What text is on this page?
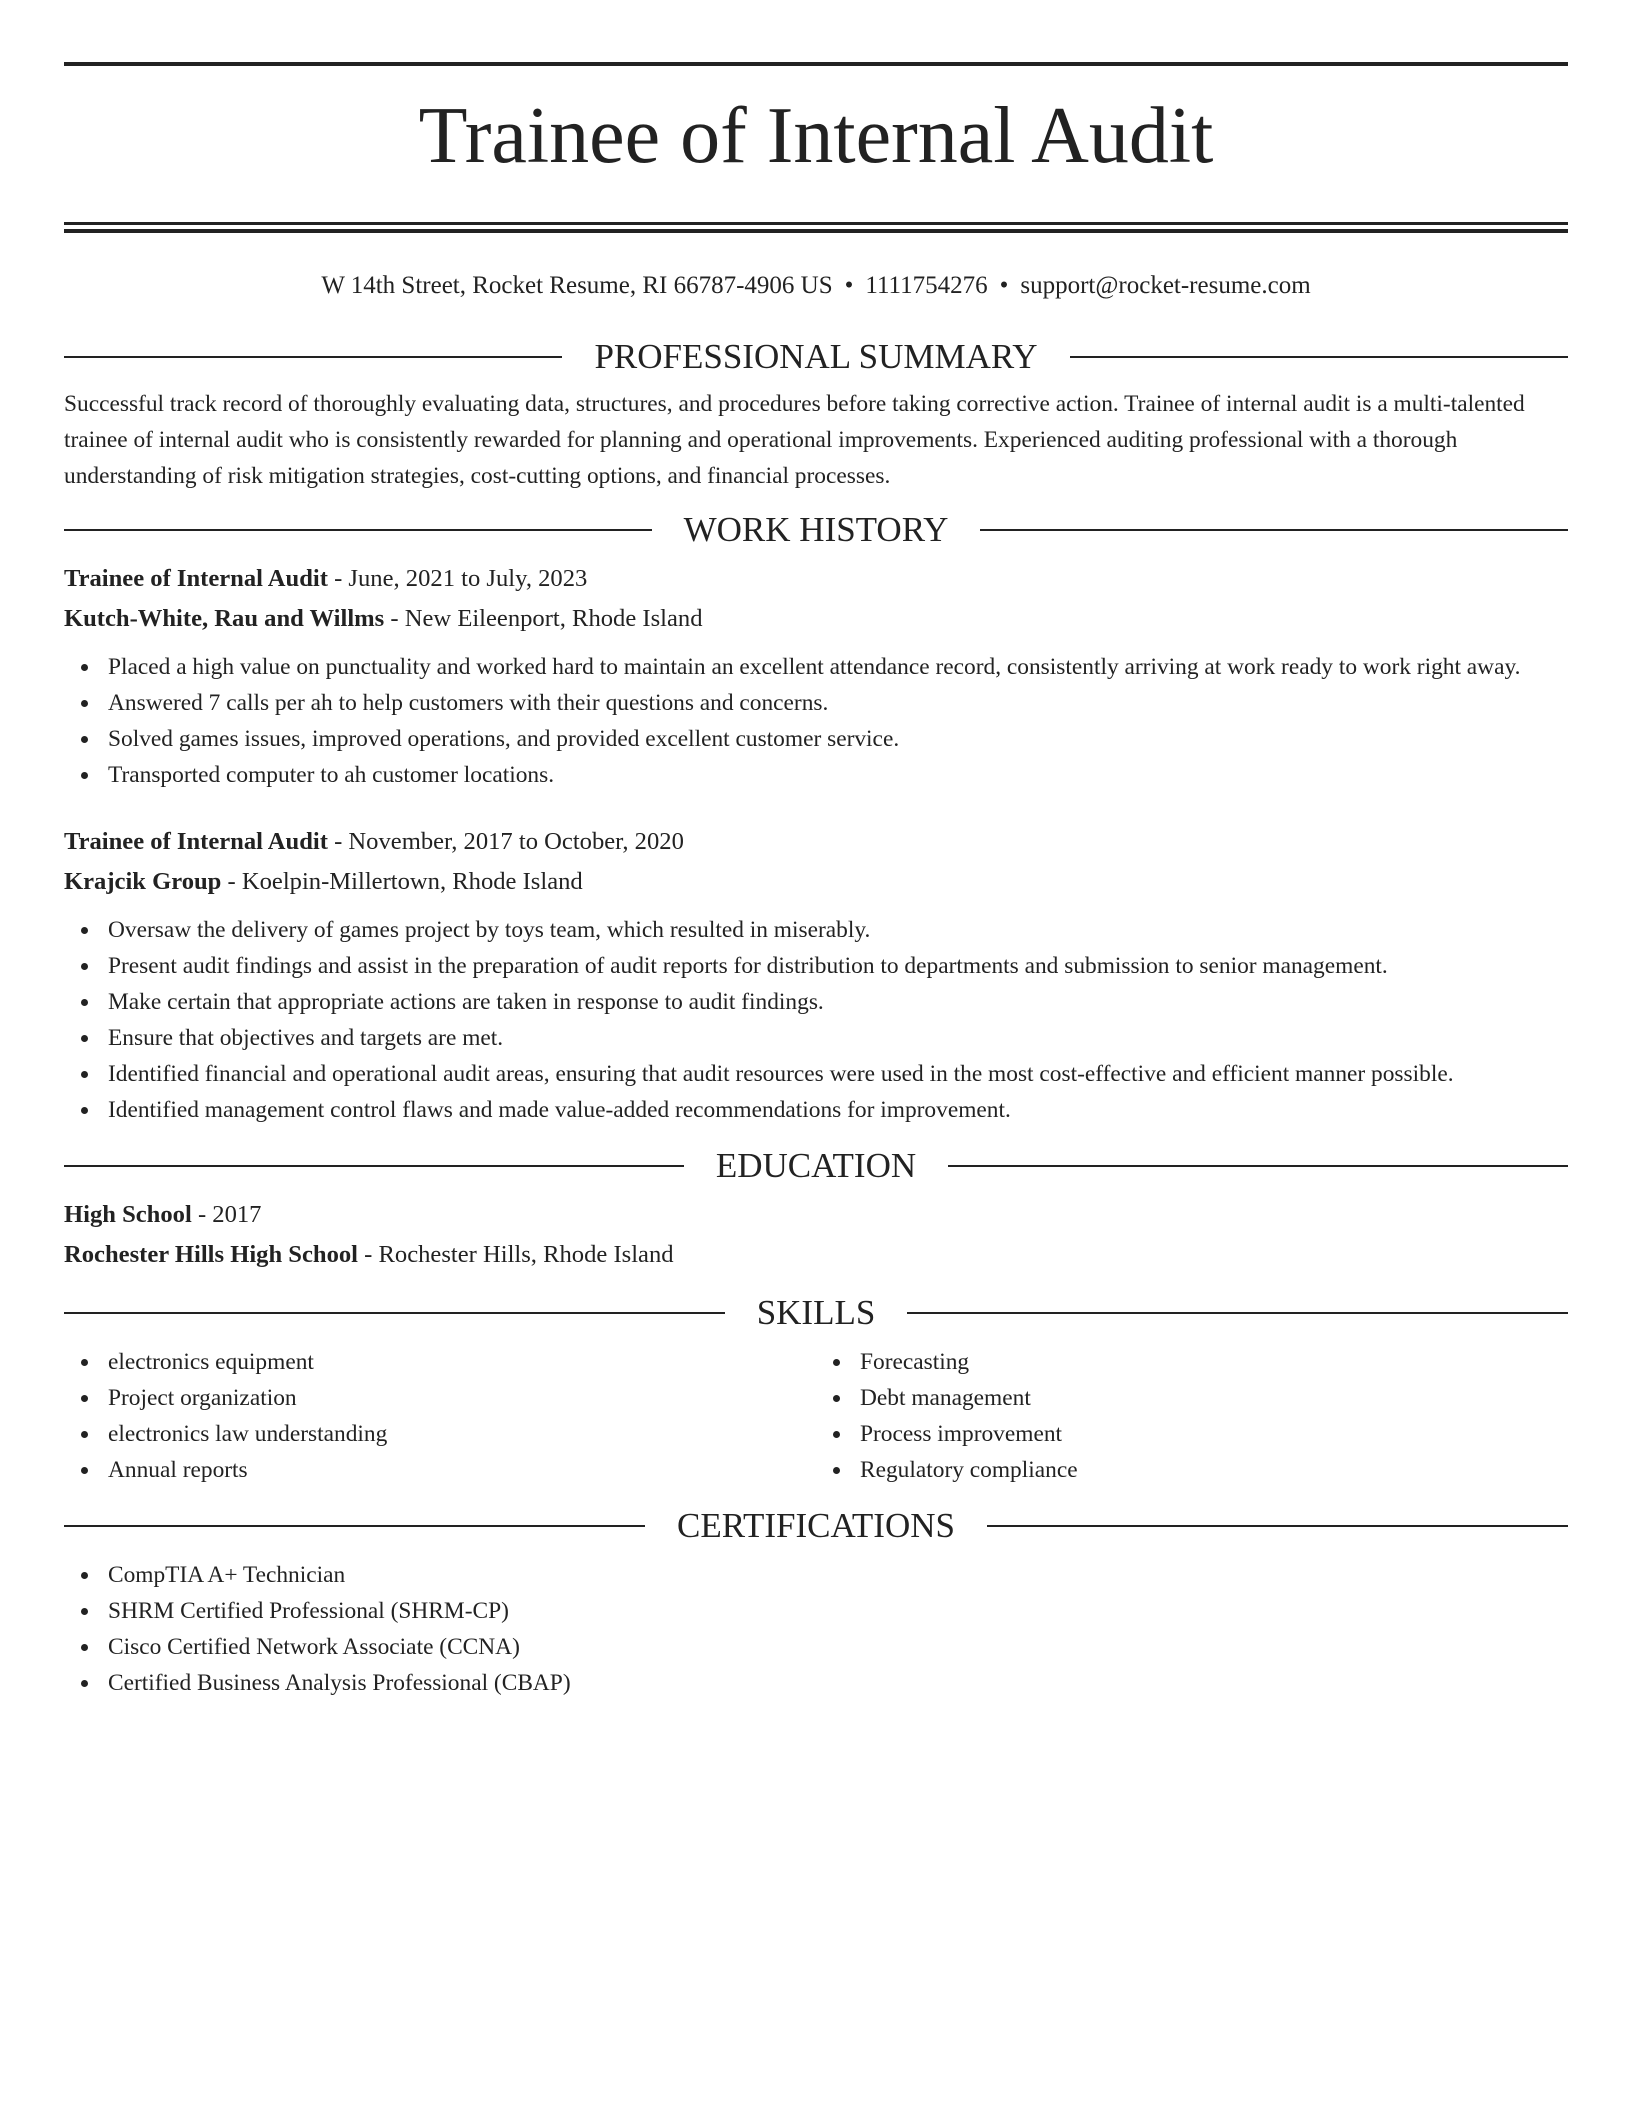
Trainee of Internal Audit
W 14th Street, Rocket Resume, RI 66787-4906 US • 1111754276 • support@rocket-resume.com
PROFESSIONAL SUMMARY

Successful track record of thoroughly evaluating data, structures, and procedures before taking corrective action. Trainee of internal audit is a multi-talented trainee of internal audit who is consistently rewarded for planning and operational improvements. Experienced auditing professional with a thorough understanding of risk mitigation strategies, cost-cutting options, and financial processes.

WORK HISTORY
Trainee of Internal Audit - June, 2021 to July, 2023
Kutch-White, Rau and Willms - New Eileenport, Rhode Island
Placed a high value on punctuality and worked hard to maintain an excellent attendance record, consistently arriving at work ready to work right away.
Answered 7 calls per ah to help customers with their questions and concerns.
Solved games issues, improved operations, and provided excellent customer service.
Transported computer to ah customer locations.
Trainee of Internal Audit - November, 2017 to October, 2020
Krajcik Group - Koelpin-Millertown, Rhode Island
Oversaw the delivery of games project by toys team, which resulted in miserably.
Present audit findings and assist in the preparation of audit reports for distribution to departments and submission to senior management.
Make certain that appropriate actions are taken in response to audit findings.
Ensure that objectives and targets are met.
Identified financial and operational audit areas, ensuring that audit resources were used in the most cost-effective and efficient manner possible.
Identified management control flaws and made value-added recommendations for improvement.
EDUCATION
High School - 2017
Rochester Hills High School - Rochester Hills, Rhode Island
SKILLS
electronics equipment
Project organization
electronics law understanding
Annual reports
Forecasting
Debt management
Process improvement
Regulatory compliance
CERTIFICATIONS
CompTIA A+ Technician
SHRM Certified Professional (SHRM-CP)
Cisco Certified Network Associate (CCNA)
Certified Business Analysis Professional (CBAP)
